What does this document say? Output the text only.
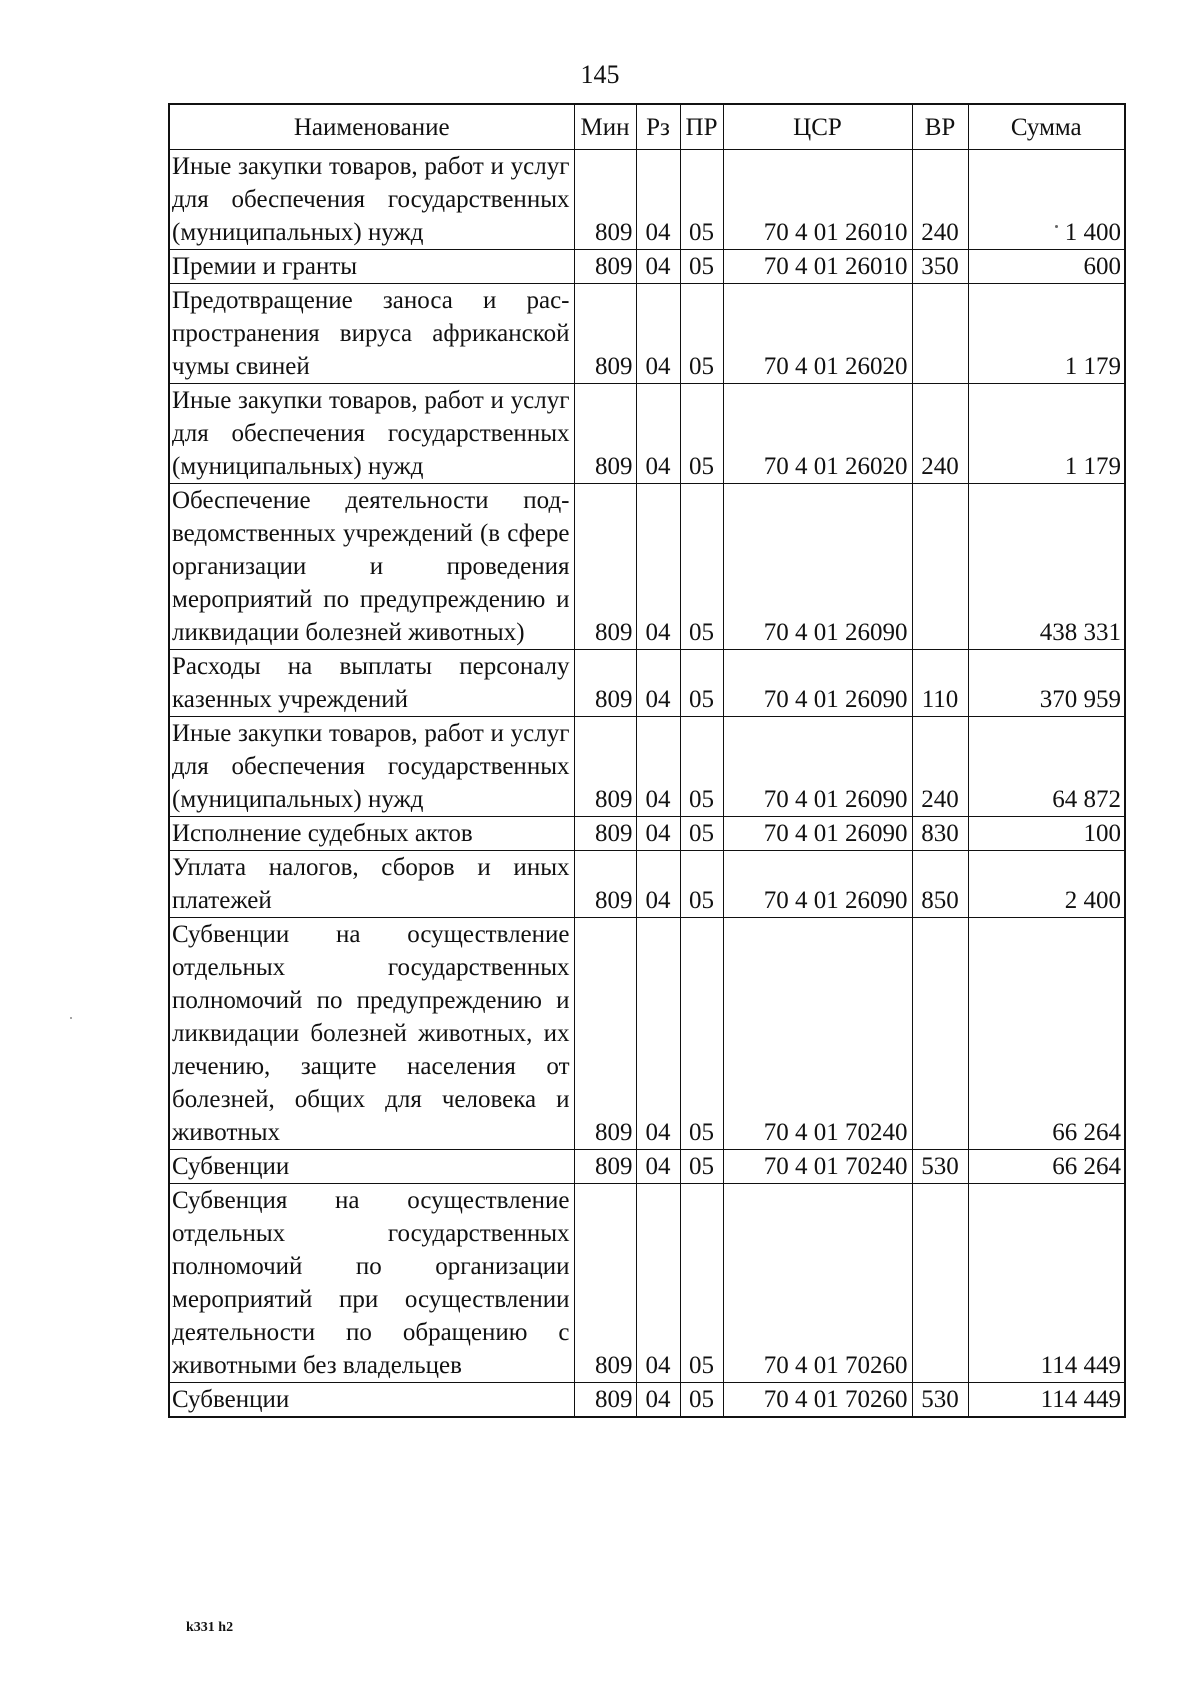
145
Наименование	Мин	Рз	ПР	ЦСР	ВР	Сумма
Иные закупки товаров, работ и услуг для обеспечения государственных (муниципальных) нужд	809	04	05	70 4 01 26010	240	1 400
Премии и гранты	809	04	05	70 4 01 26010	350	600
Предотвращение заноса и распространения вируса африканской чумы свиней	809	04	05	70 4 01 26020		1 179
Иные закупки товаров, работ и услуг для обеспечения государственных (муниципальных) нужд	809	04	05	70 4 01 26020	240	1 179
Обеспечение деятельности подведомственных учреждений (в сфере организации и проведения мероприятий по предупреждению и ликвидации болезней животных)	809	04	05	70 4 01 26090		438 331
Расходы на выплаты персоналу казенных учреждений	809	04	05	70 4 01 26090	110	370 959
Иные закупки товаров, работ и услуг для обеспечения государственных (муниципальных) нужд	809	04	05	70 4 01 26090	240	64 872
Исполнение судебных актов	809	04	05	70 4 01 26090	830	100
Уплата налогов, сборов и иных платежей	809	04	05	70 4 01 26090	850	2 400
Субвенции на осуществление отдельных государственных полномочий по предупреждению и ликвидации болезней животных, их лечению, защите населения от болезней, общих для человека и животных	809	04	05	70 4 01 70240		66 264
Субвенции	809	04	05	70 4 01 70240	530	66 264
Субвенция на осуществление отдельных государственных полномочий по организации мероприятий при осуществлении деятельности по обращению с животными без владельцев	809	04	05	70 4 01 70260		114 449
Субвенции	809	04	05	70 4 01 70260	530	114 449
k331 h2
